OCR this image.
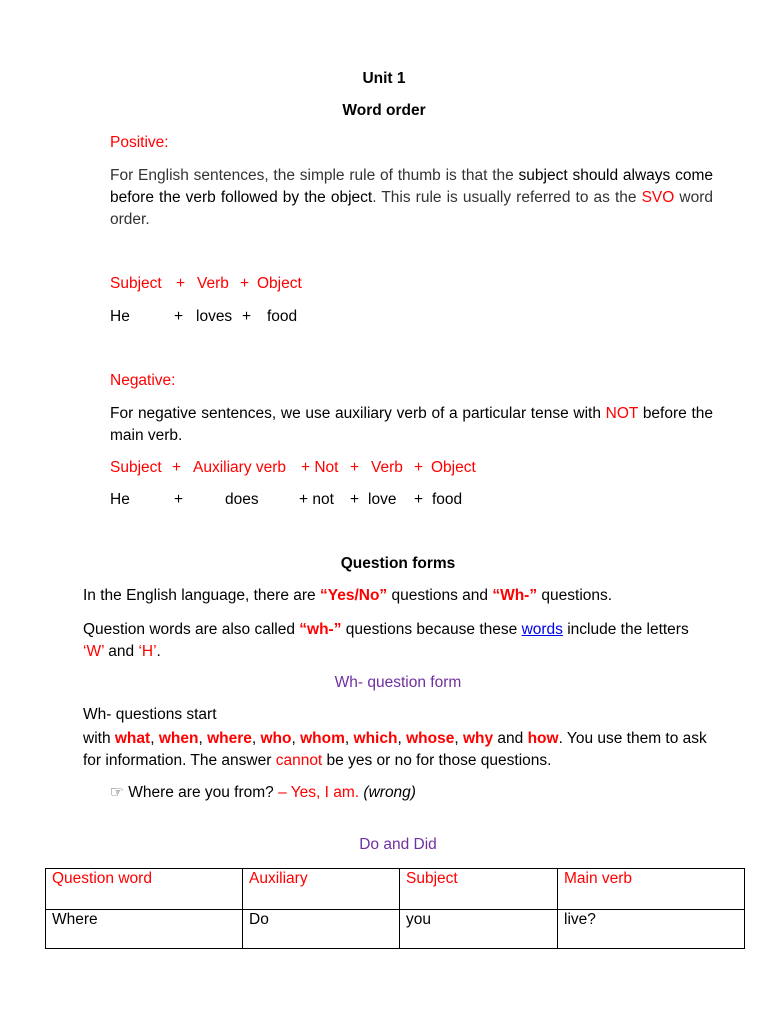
Unit 1
Word order
Positive:
For English sentences, the simple rule of thumb is that the subject should always come before the verb followed by the object. This rule is usually referred to as the SVO word order.
Subject + Verb + Object
He	+ loves + food
Negative:
For negative sentences, we use auxiliary verb of a particular tense with NOT before the main verb.
Subject + Auxiliary verb + Not + Verb + Object
He	+	does	+ not + love + food
Question forms
In the English language, there are “Yes/No” questions and “Wh-” questions.
Question words are also called “wh-” questions because these words include the letters ‘W’ and ‘H’.
Wh- question form
Wh- questions start
with what, when, where, who, whom, which, whose, why and how. You use them to ask for information. The answer cannot be yes or no for those questions.
☞ Where are you from? – Yes, I am. (wrong)
Do and Did
Question word	Auxiliary	Subject	Main verb
Where	Do	you	live?
